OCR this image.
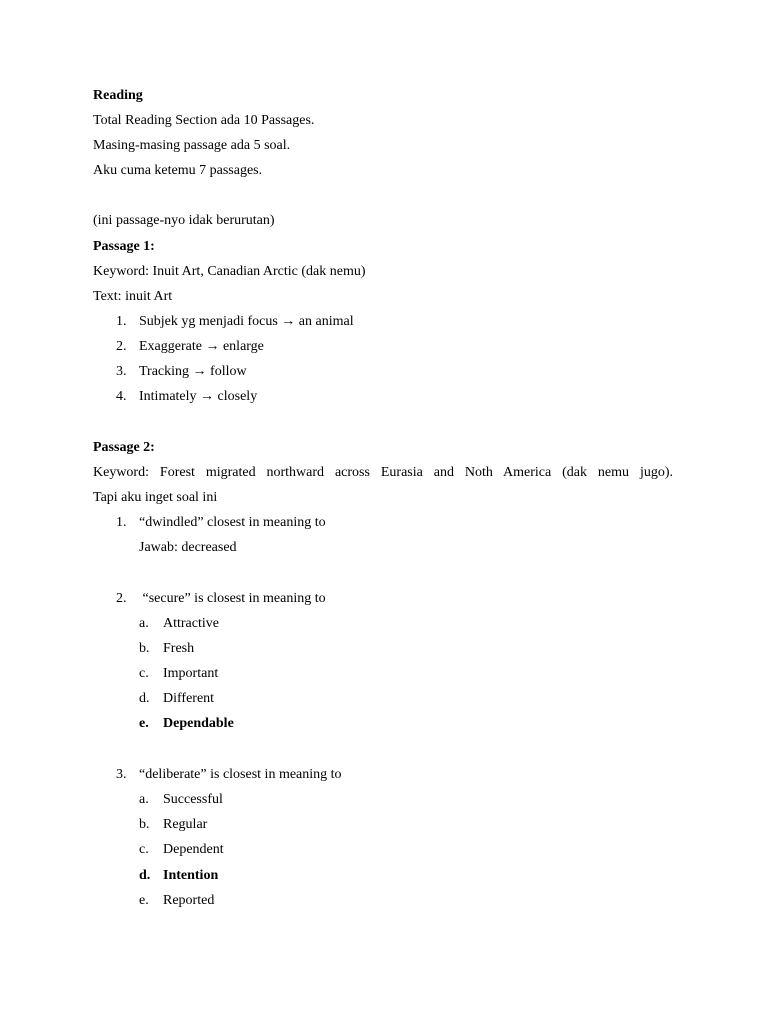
Reading
Total Reading Section ada 10 Passages.
Masing-masing passage ada 5 soal.
Aku cuma ketemu 7 passages.
(ini passage-nyo idak berurutan)
Passage 1:
Keyword: Inuit Art, Canadian Arctic (dak nemu)
Text: inuit Art
1. Subjek yg menjadi focus → an animal
2. Exaggerate → enlarge
3. Tracking → follow
4. Intimately → closely
Passage 2:
Keyword: Forest migrated northward across Eurasia and Noth America (dak nemu jugo).
Tapi aku inget soal ini
1. “dwindled” closest in meaning to
Jawab: decreased
2. “secure” is closest in meaning to
a. Attractive
b. Fresh
c. Important
d. Different
e. Dependable
3. “deliberate” is closest in meaning to
a. Successful
b. Regular
c. Dependent
d. Intention
e. Reported
